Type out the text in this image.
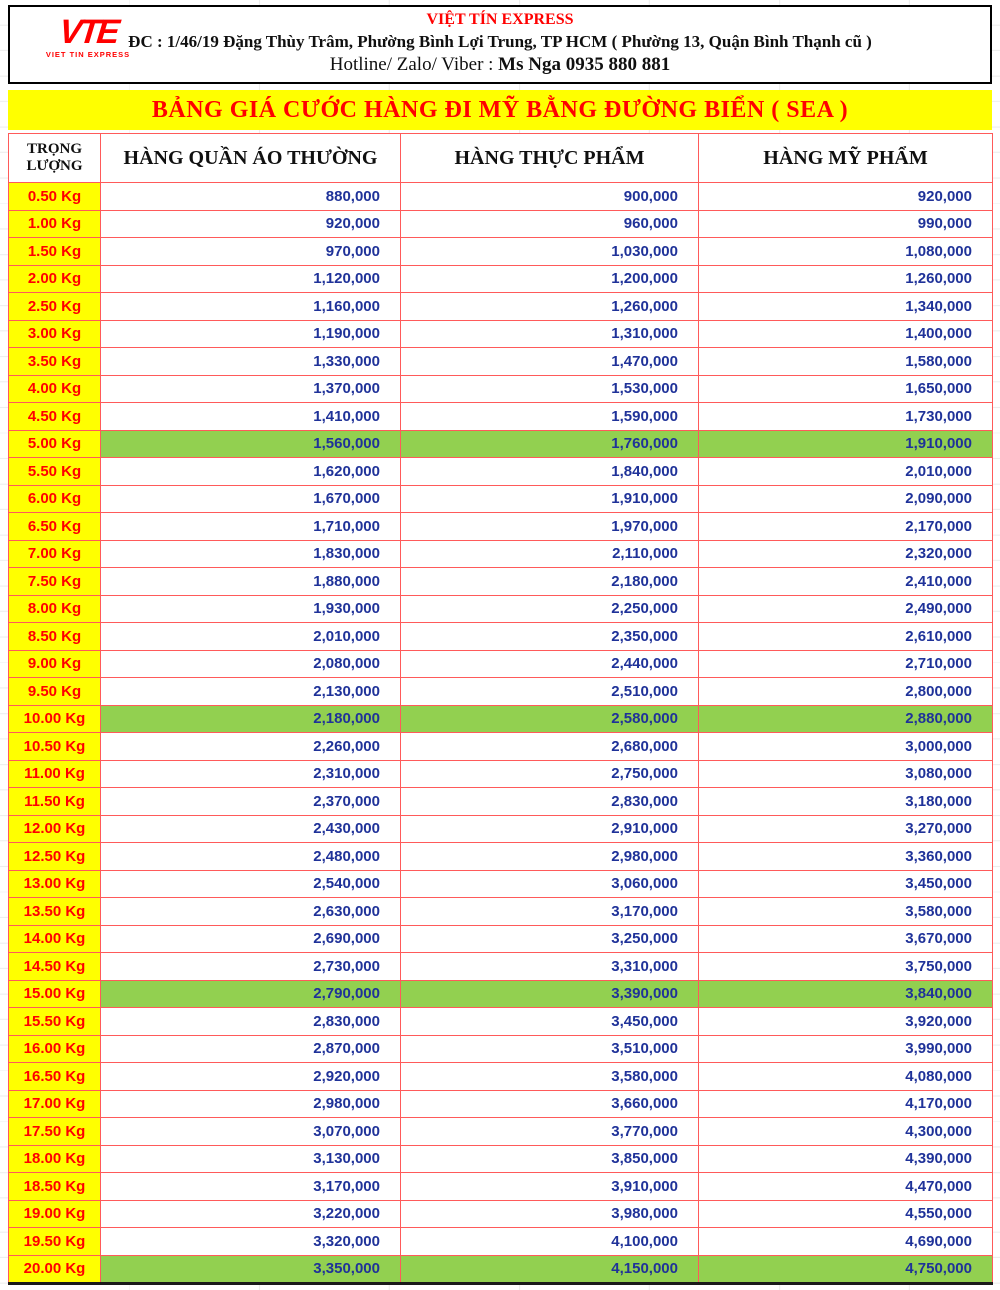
VTE
VIET TIN EXPRESS
VIỆT TÍN EXPRESS
ĐC : 1/46/19 Đặng Thùy Trâm, Phường Bình Lợi Trung, TP HCM ( Phường 13, Quận Bình Thạnh cũ )
Hotline/ Zalo/ Viber : Ms Nga 0935 880 881
BẢNG GIÁ CƯỚC HÀNG ĐI MỸ BẰNG ĐƯỜNG BIỂN ( SEA )
TRỌNG LƯỢNG	HÀNG QUẦN ÁO THƯỜNG	HÀNG THỰC PHẨM	HÀNG MỸ PHẨM
0.50 Kg	880,000	900,000	920,000
1.00 Kg	920,000	960,000	990,000
1.50 Kg	970,000	1,030,000	1,080,000
2.00 Kg	1,120,000	1,200,000	1,260,000
2.50 Kg	1,160,000	1,260,000	1,340,000
3.00 Kg	1,190,000	1,310,000	1,400,000
3.50 Kg	1,330,000	1,470,000	1,580,000
4.00 Kg	1,370,000	1,530,000	1,650,000
4.50 Kg	1,410,000	1,590,000	1,730,000
5.00 Kg	1,560,000	1,760,000	1,910,000
5.50 Kg	1,620,000	1,840,000	2,010,000
6.00 Kg	1,670,000	1,910,000	2,090,000
6.50 Kg	1,710,000	1,970,000	2,170,000
7.00 Kg	1,830,000	2,110,000	2,320,000
7.50 Kg	1,880,000	2,180,000	2,410,000
8.00 Kg	1,930,000	2,250,000	2,490,000
8.50 Kg	2,010,000	2,350,000	2,610,000
9.00 Kg	2,080,000	2,440,000	2,710,000
9.50 Kg	2,130,000	2,510,000	2,800,000
10.00 Kg	2,180,000	2,580,000	2,880,000
10.50 Kg	2,260,000	2,680,000	3,000,000
11.00 Kg	2,310,000	2,750,000	3,080,000
11.50 Kg	2,370,000	2,830,000	3,180,000
12.00 Kg	2,430,000	2,910,000	3,270,000
12.50 Kg	2,480,000	2,980,000	3,360,000
13.00 Kg	2,540,000	3,060,000	3,450,000
13.50 Kg	2,630,000	3,170,000	3,580,000
14.00 Kg	2,690,000	3,250,000	3,670,000
14.50 Kg	2,730,000	3,310,000	3,750,000
15.00 Kg	2,790,000	3,390,000	3,840,000
15.50 Kg	2,830,000	3,450,000	3,920,000
16.00 Kg	2,870,000	3,510,000	3,990,000
16.50 Kg	2,920,000	3,580,000	4,080,000
17.00 Kg	2,980,000	3,660,000	4,170,000
17.50 Kg	3,070,000	3,770,000	4,300,000
18.00 Kg	3,130,000	3,850,000	4,390,000
18.50 Kg	3,170,000	3,910,000	4,470,000
19.00 Kg	3,220,000	3,980,000	4,550,000
19.50 Kg	3,320,000	4,100,000	4,690,000
20.00 Kg	3,350,000	4,150,000	4,750,000
